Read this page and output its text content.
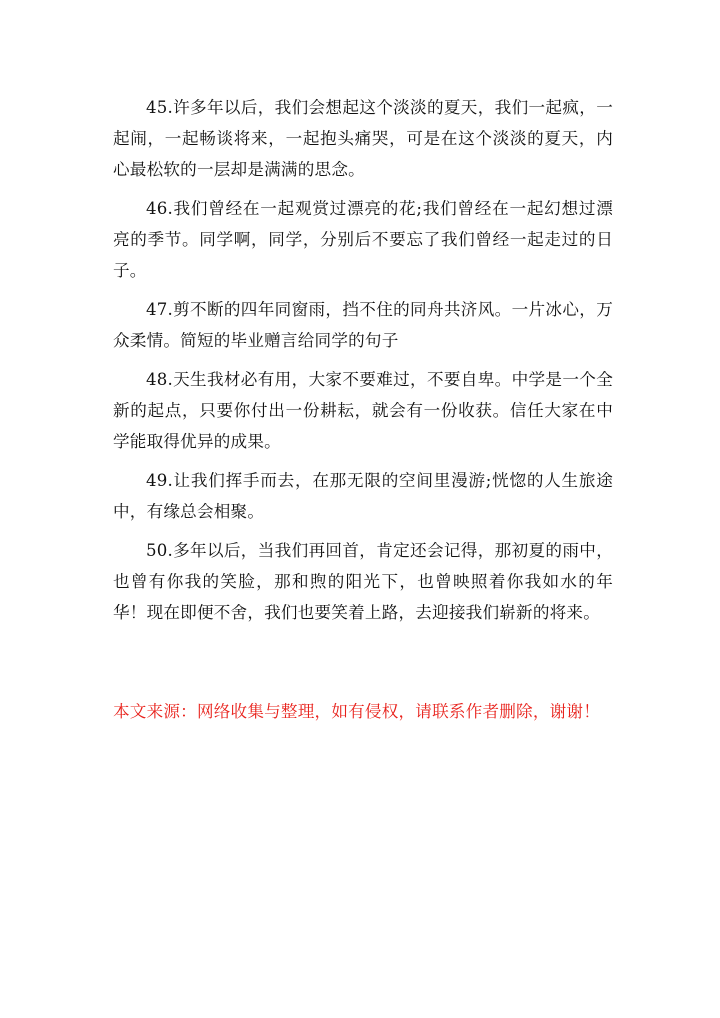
45.许多年以后，我们会想起这个淡淡的夏天，我们一起疯，一起闹，一起畅谈将来，一起抱头痛哭，可是在这个淡淡的夏天，内心最松软的一层却是满满的思念。

46.我们曾经在一起观赏过漂亮的花;我们曾经在一起幻想过漂亮的季节。同学啊，同学，分别后不要忘了我们曾经一起走过的日子。

47.剪不断的四年同窗雨，挡不住的同舟共济风。一片冰心，万众柔情。简短的毕业赠言给同学的句子

48.天生我材必有用，大家不要难过，不要自卑。中学是一个全新的起点，只要你付出一份耕耘，就会有一份收获。信任大家在中学能取得优异的成果。

49.让我们挥手而去，在那无限的空间里漫游;恍惚的人生旅途中，有缘总会相聚。

50.多年以后，当我们再回首，肯定还会记得，那初夏的雨中，也曾有你我的笑脸，那和煦的阳光下，也曾映照着你我如水的年华！现在即便不舍，我们也要笑着上路，去迎接我们崭新的将来。

本文来源：网络收集与整理，如有侵权，请联系作者删除，谢谢！
